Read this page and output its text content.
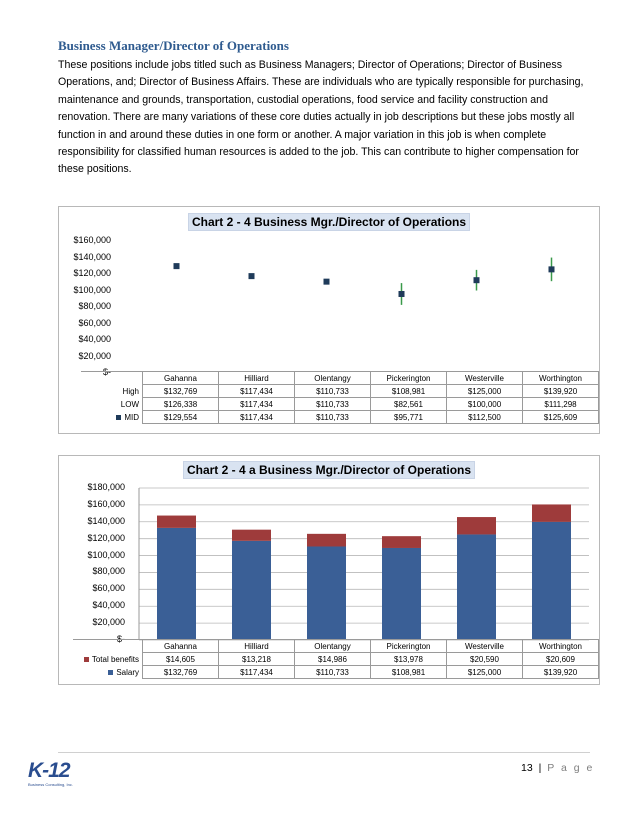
Business Manager/Director of Operations

These positions include jobs titled such as Business Managers; Director of Operations; Director of Business Operations, and; Director of Business Affairs. These are individuals who are typically responsible for purchasing, maintenance and grounds, transportation, custodial operations, food service and facility construction and renovation. There are many variations of these core duties actually in job descriptions but these jobs mostly all function in and around these duties in one form or another. A major variation in this job is when complete responsibility for classified human resources is added to the job. This can contribute to higher compensation for these positions.

Chart 2 - 4 Business Mgr./Director of Operations
$-
$20,000
$40,000
$60,000
$80,000
$100,000
$120,000
$140,000
$160,000
	Gahanna	Hilliard	Olentangy	Pickerington	Westerville	Worthington
High	$132,769	$117,434	$110,733	$108,981	$125,000	$139,920
LOW	$126,338	$117,434	$110,733	$82,561	$100,000	$111,298
MID	$129,554	$117,434	$110,733	$95,771	$112,500	$125,609
Chart 2 - 4 a Business Mgr./Director of Operations
$-
$20,000
$40,000
$60,000
$80,000
$100,000
$120,000
$140,000
$160,000
$180,000
	Gahanna	Hilliard	Olentangy	Pickerington	Westerville	Worthington
Total benefits	$14,605	$13,218	$14,986	$13,978	$20,590	$20,609
Salary	$132,769	$117,434	$110,733	$108,981	$125,000	$139,920
K-12
Business Consulting, Inc.
13 | P a g e
